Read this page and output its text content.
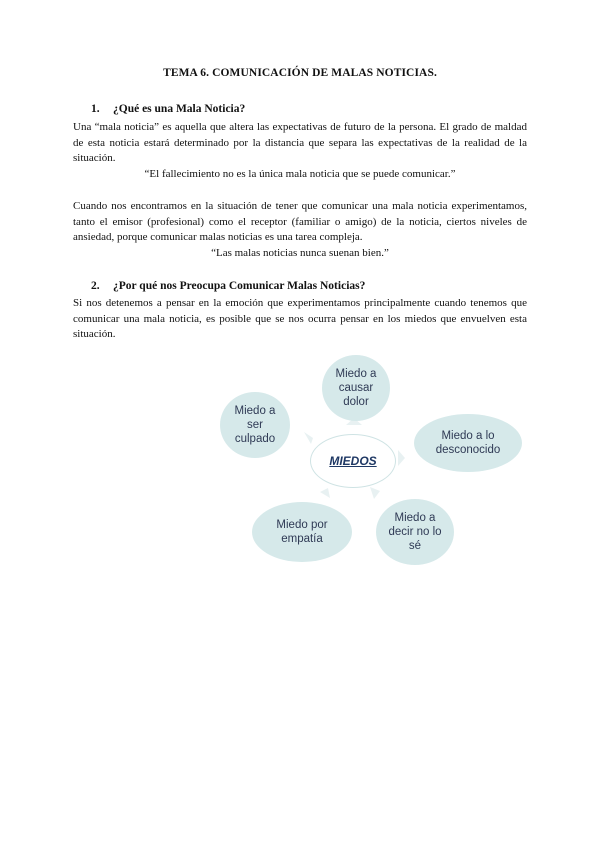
TEMA 6. COMUNICACIÓN DE MALAS NOTICIAS.
1. ¿Qué es una Mala Noticia?
Una “mala noticia” es aquella que altera las expectativas de futuro de la persona. El grado de maldad de esta noticia estará determinado por la distancia que separa las expectativas de la realidad de la situación.
“El fallecimiento no es la única mala noticia que se puede comunicar.”
Cuando nos encontramos en la situación de tener que comunicar una mala noticia experimentamos, tanto el emisor (profesional) como el receptor (familiar o amigo) de la noticia, ciertos niveles de ansiedad, porque comunicar malas noticias es una tarea compleja.
“Las malas noticias nunca suenan bien.”
2. ¿Por qué nos Preocupa Comunicar Malas Noticias?
Si nos detenemos a pensar en la emoción que experimentamos principalmente cuando tenemos que comunicar una mala noticia, es posible que se nos ocurra pensar en los miedos que envuelven esta situación.
MIEDOS
Miedo a causar dolor
Miedo a lo desconocido
Miedo a decir no lo sé
Miedo por empatía
Miedo a ser culpado
